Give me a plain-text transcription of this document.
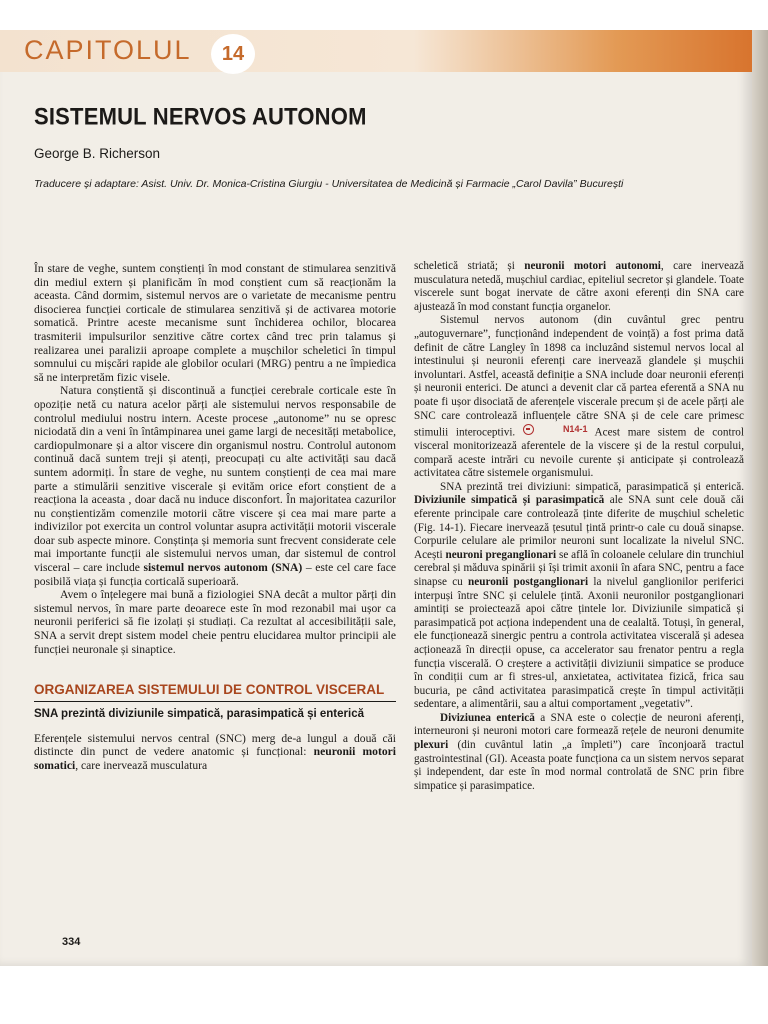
CAPITOLUL	14
SISTEMUL NERVOS AUTONOM
George B. Richerson
Traducere și adaptare: Asist. Univ. Dr. Monica-Cristina Giurgiu - Universitatea de Medicină și Farmacie „Carol Davila” București

În stare de veghe, suntem conștienți în mod constant de stimularea senzitivă din mediul extern și planificăm în mod conștient cum să reacționăm la aceasta. Când dormim, sistemul nervos are o varietate de mecanisme pentru disocierea funcției corticale de stimularea senzitivă și de activarea motorie somatică. Printre aceste mecanisme sunt închiderea ochilor, blocarea trasmiterii impulsurilor senzitive către cortex când trec prin talamus și realizarea unei paralizii aproape complete a mușchilor scheletici în timpul somnului cu mișcări rapide ale globilor oculari (MRG) pentru a ne împiedica să ne interpretăm fizic visele.

Natura conștientă și discontinuă a funcției cerebrale corticale este în opoziție netă cu natura acelor părți ale sistemului nervos responsabile de controlul mediului nostru intern. Aceste procese „autonome” nu se opresc niciodată din a veni în întâmpinarea unei game largi de necesități metabolice, cardiopulmonare și a altor viscere din organismul nostru. Controlul autonom continuă dacă suntem treji și atenți, preocupați cu alte activități sau dacă suntem adormiți. În stare de veghe, nu suntem conștienți de cea mai mare parte a stimulării senzitive viscerale și evităm orice efort conștient de a reacționa la aceasta , doar dacă nu induce disconfort. În majoritatea cazurilor nu conștientizăm comenzile motorii către viscere și cea mai mare parte a indivizilor pot exercita un control voluntar asupra activității motorii viscerale doar sub aspecte minore. Conștința și memoria sunt frecvent considerate cele mai importante funcții ale sistemului nervos uman, dar sistemul de control visceral – care include sistemul nervos autonom (SNA) – este cel care face posibilă viața și funcția corticală superioară.

Avem o înțelegere mai bună a fiziologiei SNA decât a multor părți din sistemul nervos, în mare parte deoarece este în mod rezonabil mai ușor ca neuronii periferici să fie izolați și studiați. Ca rezultat al accesibilității sale, SNA a servit drept sistem model cheie pentru elucidarea multor principii ale funcției neuronale și sinaptice.

ORGANIZAREA SISTEMULUI DE CONTROL VISCERAL
SNA prezintă diviziunile simpatică, parasimpatică și enterică

Eferențele sistemului nervos central (SNC) merg de-a lungul a două căi distincte din punct de vedere anatomic și funcțional: neuronii motori somatici, care inervează musculatura

scheletică striată; și neuronii motori autonomi, care inervează musculatura netedă, mușchiul cardiac, epiteliul secretor și glandele. Toate viscerele sunt bogat inervate de către axoni eferenți din SNA care ajustează în mod constant funcția organelor.

Sistemul nervos autonom (din cuvântul grec pentru „autoguvernare”, funcționând independent de voință) a fost prima dată definit de către Langley în 1898 ca incluzând sistemul nervos local al intestinului și neuronii eferenți care inervează glandele și mușchii involuntari. Astfel, această definiție a SNA include doar neuronii eferenți și neuronii enterici. De atunci a devenit clar că partea eferentă a SNA nu poate fi ușor disociată de aferențele viscerale precum și de acele părți ale SNC care controlează influențele către SNA și de cele care primesc stimulii interoceptivi.	N14-1 Acest mare sistem de control visceral monitorizează aferentele de la viscere și de la restul corpului, compară aceste intrări cu nevoile curente și anticipate și controlează activitatea către sistemele organismului.

SNA prezintă trei diviziuni: simpatică, parasimpatică și enterică. Diviziunile simpatică și parasimpatică ale SNA sunt cele două căi eferente principale care controlează ținte diferite de mușchiul scheletic (Fig. 14-1). Fiecare inervează țesutul țintă printr-o cale cu două sinapse. Corpurile celulare ale primilor neuroni sunt localizate la nivelul SNC. Acești neuroni preganglionari se află în coloanele celulare din trunchiul cerebral și măduva spinării și își trimit axonii în afara SNC, pentru a face sinapse cu neuronii postganglionari la nivelul ganglionilor periferici interpuși între SNC și celulele țintă. Axonii neuronilor postganglionari amintiți se proiectează apoi către țintele lor. Diviziunile simpatică și parasimpatică pot acționa independent una de cealaltă. Totuși, în general, ele funcționează sinergic pentru a controla activitatea viscerală și adesea acționează în direcții opuse, ca accelerator sau frenator pentru a regla funcția viscerală. O creștere a activității diviziunii simpatice se produce în condiții cum ar fi stres-ul, anxietatea, activitatea fizică, frica sau bucuria, pe când activitatea parasimpatică crește în timpul activității sedentare, a alimentării, sau a altui comportament „vegetativ”.

Diviziunea enterică a SNA este o colecție de neuroni aferenți, interneuroni și neuroni motori care formează rețele de neuroni denumite plexuri (din cuvântul latin „a împleti”) care înconjoară tractul gastrointestinal (GI). Aceasta poate funcționa ca un sistem nervos separat și independent, dar este în mod normal controlată de SNC prin fibre simpatice și parasimpatice.

334
